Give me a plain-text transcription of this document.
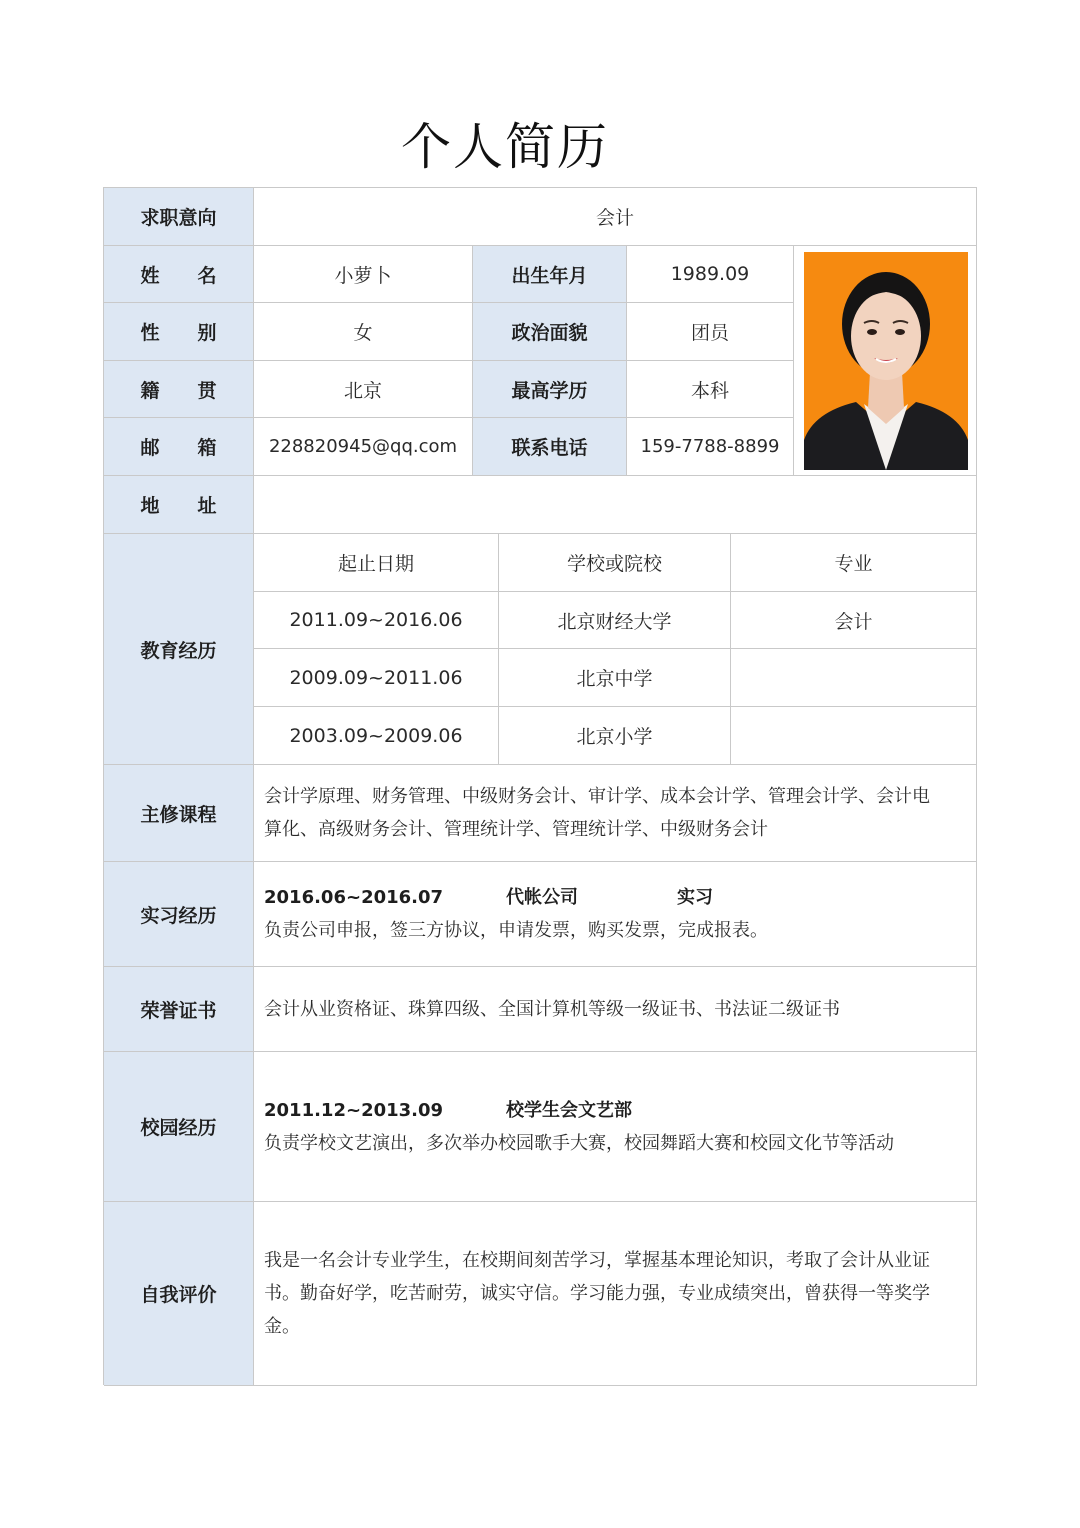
个人简历
求职意向	会计
姓 名	小萝卜	出生年月	1989.09
性 别	女	政治面貌	团员
籍 贯	北京	最高学历	本科
邮 箱	228820945@qq.com	联系电话	159-7788-8899
地 址
教育经历
起止日期	学校或院校	专业
2011.09~2016.06	北京财经大学	会计
2009.09~2011.06	北京中学
2003.09~2009.06	北京小学
主修课程
会计学原理、财务管理、中级财务会计、审计学、成本会计学、管理会计学、会计电
算化、高级财务会计、管理统计学、管理统计学、中级财务会计
实习经历
2016.06~2016.07	代帐公司	实习
负责公司申报，签三方协议，申请发票，购买发票，完成报表。
荣誉证书	会计从业资格证、珠算四级、全国计算机等级一级证书、书法证二级证书
校园经历
2011.12~2013.09	校学生会文艺部
负责学校文艺演出，多次举办校园歌手大赛，校园舞蹈大赛和校园文化节等活动
自我评价
我是一名会计专业学生，在校期间刻苦学习，掌握基本理论知识，考取了会计从业证
书。勤奋好学，吃苦耐劳，诚实守信。学习能力强，专业成绩突出，曾获得一等奖学
金。
